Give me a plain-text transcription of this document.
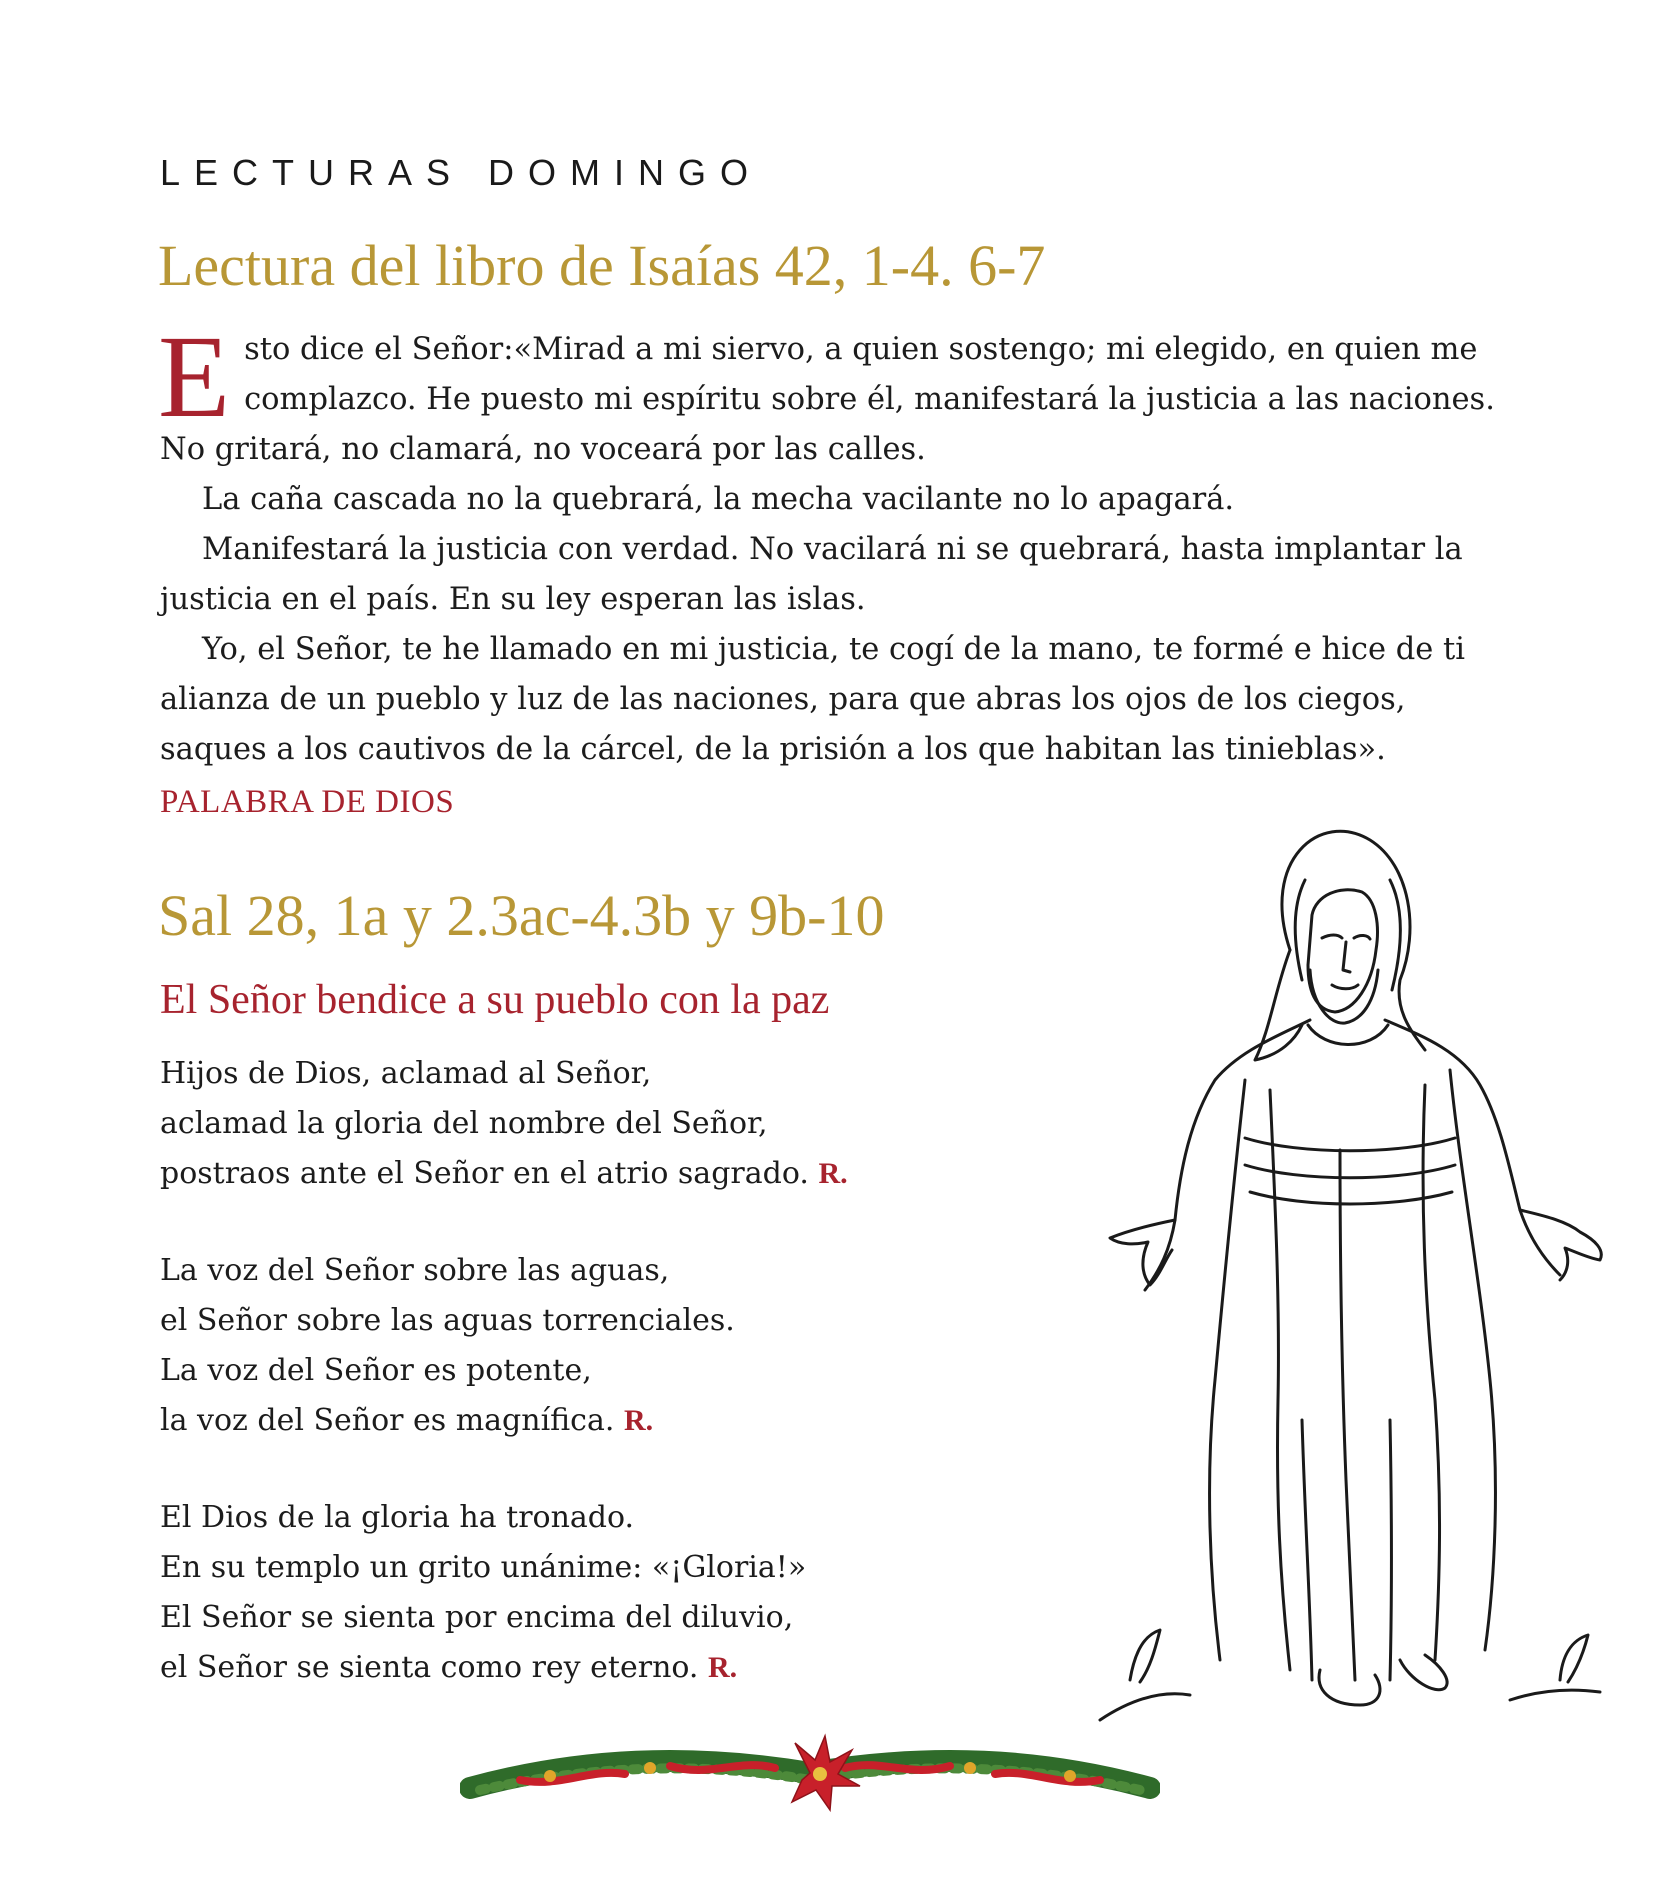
LECTURAS DOMINGO
Lectura del libro de Isaías 42, 1-4. 6-7

Esto dice el Señor:«Mirad a mi siervo, a quien sostengo; mi elegido, en quien me complazco. He puesto mi espíritu sobre él, manifestará la justicia a las naciones. No gritará, no clamará, no voceará por las calles.

La caña cascada no la quebrará, la mecha vacilante no lo apagará.

Manifestará la justicia con verdad. No vacilará ni se quebrará, hasta implantar la justicia en el país. En su ley esperan las islas.

Yo, el Señor, te he llamado en mi justicia, te cogí de la mano, te formé e hice de ti alianza de un pueblo y luz de las naciones, para que abras los ojos de los ciegos, saques a los cautivos de la cárcel, de la prisión a los que habitan las tinieblas».

PALABRA DE DIOS
Sal 28, 1a y 2.3ac-4.3b y 9b-10
El Señor bendice a su pueblo con la paz
Hijos de Dios, aclamad al Señor,
aclamad la gloria del nombre del Señor,
postraos ante el Señor en el atrio sagrado. R.
La voz del Señor sobre las aguas,
el Señor sobre las aguas torrenciales.
La voz del Señor es potente,
la voz del Señor es magnífica. R.
El Dios de la gloria ha tronado.
En su templo un grito unánime: «¡Gloria!»
El Señor se sienta por encima del diluvio,
el Señor se sienta como rey eterno. R.
